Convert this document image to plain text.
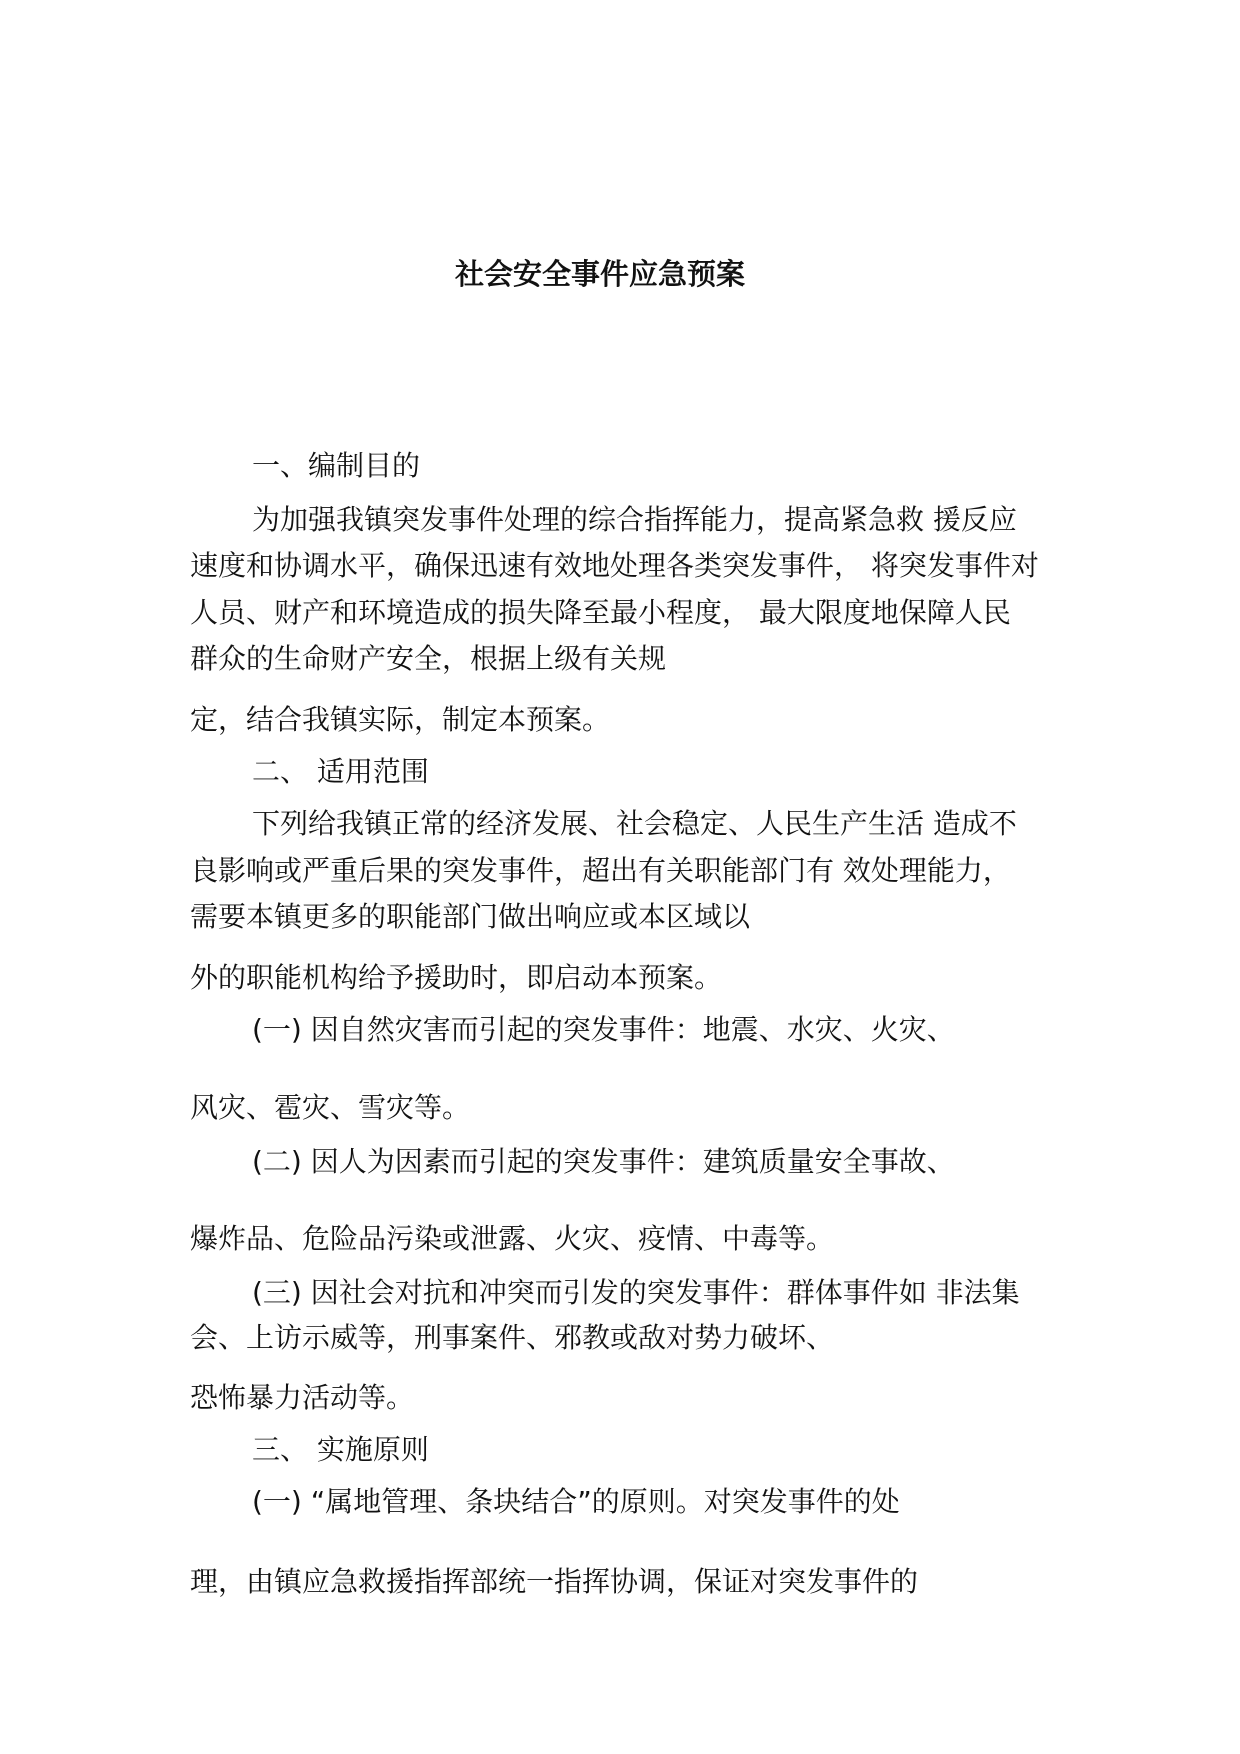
社会安全事件应急预案

一、编制目的

为加强我镇突发事件处理的综合指挥能力，提高紧急救 援反应

速度和协调水平，确保迅速有效地处理各类突发事件， 将突发事件对

人员、财产和环境造成的损失降至最小程度， 最大限度地保障人民

群众的生命财产安全，根据上级有关规

定，结合我镇实际，制定本预案。

二、 适用范围

下列给我镇正常的经济发展、社会稳定、人民生产生活 造成不

良影响或严重后果的突发事件，超出有关职能部门有 效处理能力，

需要本镇更多的职能部门做出响应或本区域以

外的职能机构给予援助时，即启动本预案。

(一) 因自然灾害而引起的突发事件：地震、水灾、火灾、

风灾、雹灾、雪灾等。

(二) 因人为因素而引起的突发事件：建筑质量安全事故、

爆炸品、危险品污染或泄露、火灾、疫情、中毒等。

(三) 因社会对抗和冲突而引发的突发事件：群体事件如 非法集

会、上访示威等，刑事案件、邪教或敌对势力破坏、

恐怖暴力活动等。

三、 实施原则

(一) “属地管理、条块结合”的原则。对突发事件的处

理，由镇应急救援指挥部统一指挥协调，保证对突发事件的
